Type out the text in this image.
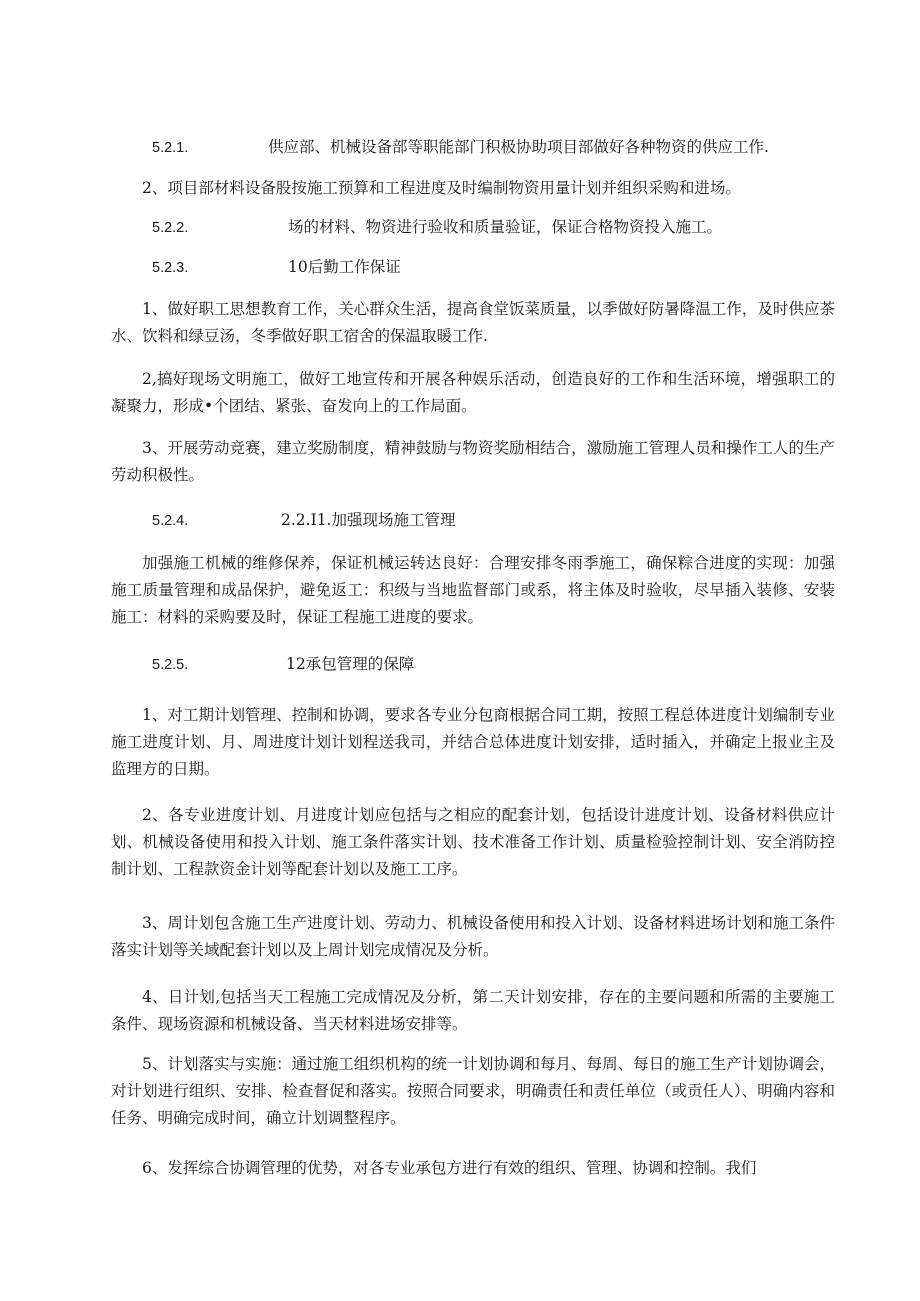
5.2.1.	供应部、机械设备部等职能部门积极协助项目部做好各种物资的供应工作.
2、项目部材料设备股按施工预算和工程进度及时编制物资用量计划并组织采购和进场。
5.2.2.	场的材料、物资进行验收和质量验证，保证合格物资投入施工。
5.2.3.	10后勤工作保证
1、做好职工思想教育工作，关心群众生活，提高食堂饭菜质量，以季做好防暑降温工作，及时供应茶水、饮料和绿豆汤，冬季做好职工宿舍的保温取暖工作.
2,搞好现场文明施工，做好工地宣传和开展各种娱乐活动，创造良好的工作和生活环境，增强职工的凝聚力，形成•个团结、紧张、奋发向上的工作局面。
3、开展劳动竞赛，建立奖励制度，精神鼓励与物资奖励相结合，激励施工管理人员和操作工人的生产劳动积极性。
5.2.4.	2.2.I1.加强现场施工管理
加强施工机械的维修保养，保证机械运转达良好：合理安排冬雨季施工，确保粽合进度的实现：加强施工质量管理和成品保护，避免返工：积级与当地监督部门或系，将主体及时验收，尽早插入装修、安装施工：材料的采购要及时，保证工程施工进度的要求。
5.2.5.	12承包管理的保障
1、对工期计划管理、控制和协调，要求各专业分包商根据合同工期，按照工程总体进度计划编制专业施工进度计划、月、周进度计划计划程送我司，并结合总体进度计划安排，适时插入，并确定上报业主及监理方的日期。
2、各专业进度计划、月进度计划应包括与之相应的配套计划，包括设计进度计划、设备材料供应计划、机械设备使用和投入计划、施工条件落实计划、技术准备工作计划、质量检验控制计划、安全消防控制计划、工程款资金计划等配套计划以及施工工序。
3、周计划包含施工生产进度计划、劳动力、机械设备使用和投入计划、设备材料进场计划和施工条件落实计划等关域配套计划以及上周计划完成情况及分析。
4、日计划,包括当天工程施工完成情况及分析，第二天计划安排，存在的主要问题和所需的主要施工条件、现场资源和机械设备、当天材料进场安排等。
5、计划落实与实施：通过施工组织机构的统一计划协调和每月、每周、每日的施工生产计划协调会，对计划进行组织、安排、检查督促和落实。按照合同要求，明确责任和责任单位（或贡任人）、明确内容和任务、明确完成时间，确立计划调整程序。
6、发挥综合协调管理的优势，对各专业承包方进行有效的组织、管理、协调和控制。我们
